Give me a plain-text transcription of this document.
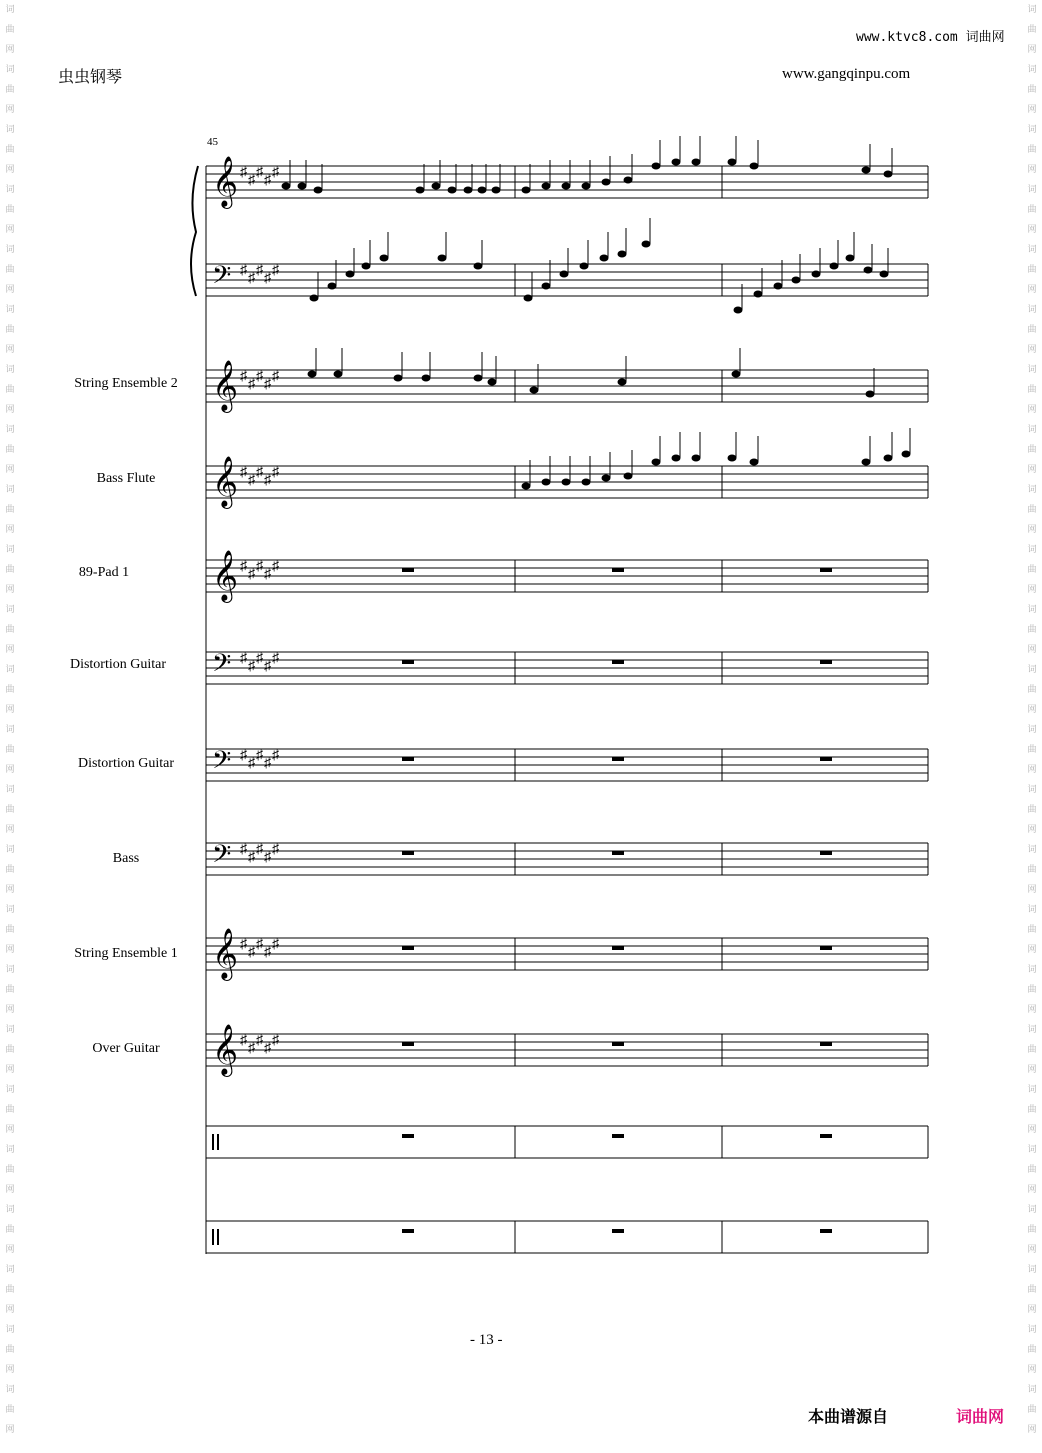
词
曲
网
词
曲
网
词
曲
网
词
曲
网
词
曲
网
词
曲
网
词
曲
网
词
曲
网
词
曲
网
词
曲
网
词
曲
网
词
曲
网
词
曲
网
词
曲
网
词
曲
网
词
曲
网
词
曲
网
词
曲
网
词
曲
网
词
曲
网
词
曲
网
词
曲
网
词
曲
网
词
曲
网
词
曲
网
词
曲
网
词
曲
网
词
曲
网
词
曲
网
词
曲
网
词
曲
网
词
曲
网
词
曲
网
词
曲
网
词
曲
网
词
曲
网
词
曲
网
词
曲
网
词
曲
网
词
曲
网
词
曲
网
词
曲
网
词
曲
网
词
曲
网
词
曲
网
词
曲
网
词
曲
网
词
曲
网
www.ktvc8.com 词曲网
虫虫钢琴	www.gangqinpu.com
String Ensemble 2
Bass Flute
89-Pad 1
Distortion Guitar
Distortion Guitar
Bass
String Ensemble 1
Over Guitar
45
𝄞 ♯
♯
♯
♯
♯
𝄢 ♯
♯
♯
♯
♯
𝄞 ♯
♯
♯
♯
♯
𝄞 ♯
♯
♯
♯
♯
𝄞 ♯
♯
♯
♯
♯
𝄢 ♯
♯
♯
♯
♯
𝄢 ♯
♯
♯
♯
♯
𝄢 ♯
♯
♯
♯
♯
𝄞 ♯
♯
♯
♯
♯
𝄞 ♯
♯
♯
♯
♯
- 13 -
本曲谱源自	词曲网
